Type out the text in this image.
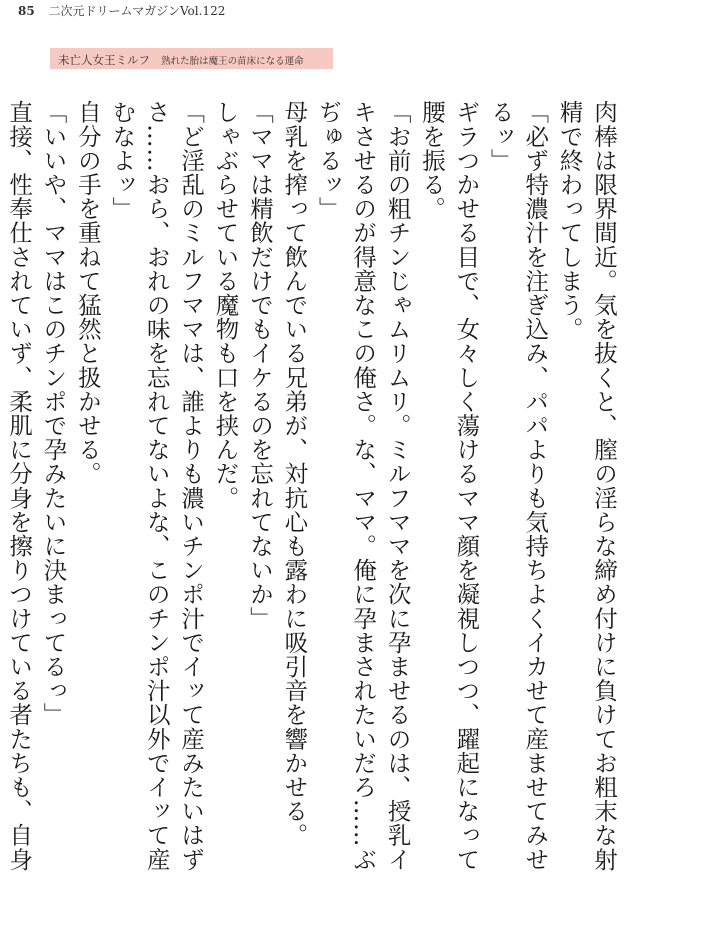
85 二次元ドリームマガジンVol.122
未亡人女王ミルフ 熟れた胎は魔王の苗床になる運命

肉棒は限界間近。気を抜くと、膣の淫らな締め付けに負けてお粗末な射精で終わってしまう。

「必ず特濃汁を注ぎ込み、パパよりも気持ちよくイカせて産ませてみせるッ」

ギラつかせる目で、女々しく蕩けるママ顔を凝視しつつ、躍起になって腰を振る。

「お前の粗チンじゃムリムリ。ミルフママを次に孕ませるのは、授乳イキさせるのが得意なこの俺さ。な、ママ。俺に孕まされたいだろ……ぶぢゅるッ」

母乳を搾って飲んでいる兄弟が、対抗心も露わに吸引音を響かせる。

「ママは精飲だけでもイケるのを忘れてないか」

しゃぶらせている魔物も口を挟んだ。

「ど淫乱のミルフママは、誰よりも濃いチンポ汁でイッて産みたいはずさ……おら、おれの味を忘れてないよな、このチンポ汁以外でイッて産むなよッ」

自分の手を重ねて猛然と扱かせる。

「いいや、ママはこのチンポで孕みたいに決まってるっ」

直接、性奉仕されていず、柔肌に分身を擦りつけている者たちも、自身
